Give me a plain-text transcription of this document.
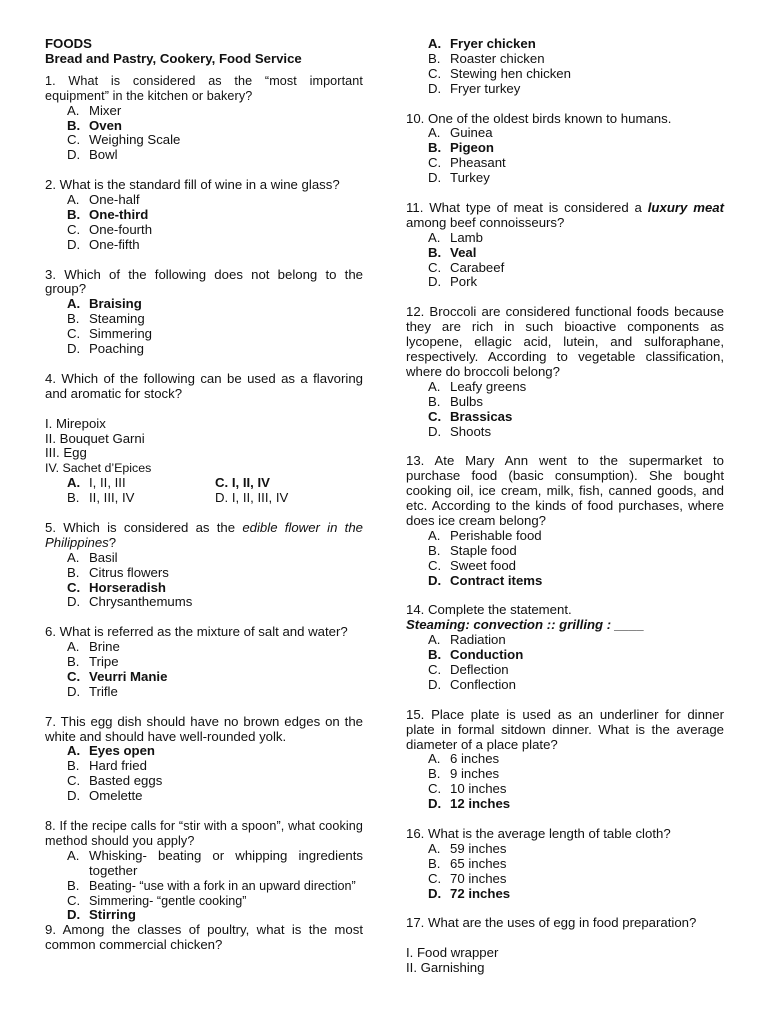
FOODS
Bread and Pastry, Cookery, Food Service

1. What is considered as the “most important equipment” in the kitchen or bakery?

A. Mixer
B. Oven
C. Weighing Scale
D. Bowl

2. What is the standard fill of wine in a wine glass?

A. One-half
B. One-third
C. One-fourth
D. One-fifth

3. Which of the following does not belong to the group?

A. Braising
B. Steaming
C. Simmering
D. Poaching

4. Which of the following can be used as a flavoring and aromatic for stock?

I. Mirepoix

II. Bouquet Garni

III. Egg

IV. Sachet d’Epices

A. I, II, III	C. I, II, IV
B. II, III, IV	D. I, II, III, IV

5. Which is considered as the edible flower in the Philippines?

A. Basil
B. Citrus flowers
C. Horseradish
D. Chrysanthemums

6. What is referred as the mixture of salt and water?

A. Brine
B. Tripe
C. Veurri Manie
D. Trifle

7. This egg dish should have no brown edges on the white and should have well-rounded yolk.

A. Eyes open
B. Hard fried
C. Basted eggs
D. Omelette

8. If the recipe calls for “stir with a spoon”, what cooking method should you apply?

A. Whisking- beating or whipping ingredients together
B. Beating- “use with a fork in an upward direction”
C. Simmering- “gentle cooking”
D. Stirring

9. Among the classes of poultry, what is the most common commercial chicken?

A. Fryer chicken
B. Roaster chicken
C. Stewing hen chicken
D. Fryer turkey

10. One of the oldest birds known to humans.

A. Guinea
B. Pigeon
C. Pheasant
D. Turkey

11. What type of meat is considered a luxury meat among beef connoisseurs?

A. Lamb
B. Veal
C. Carabeef
D. Pork

12. Broccoli are considered functional foods because they are rich in such bioactive components as lycopene, ellagic acid, lutein, and sulforaphane, respectively. According to vegetable classification, where do broccoli belong?

A. Leafy greens
B. Bulbs
C. Brassicas
D. Shoots

13. Ate Mary Ann went to the supermarket to purchase food (basic consumption). She bought cooking oil, ice cream, milk, fish, canned goods, and etc. According to the kinds of food purchases, where does ice cream belong?

A. Perishable food
B. Staple food
C. Sweet food
D. Contract items

14. Complete the statement.

Steaming: convection :: grilling : ____

A. Radiation
B. Conduction
C. Deflection
D. Conflection

15. Place plate is used as an underliner for dinner plate in formal sitdown dinner. What is the average diameter of a place plate?

A. 6 inches
B. 9 inches
C. 10 inches
D. 12 inches

16. What is the average length of table cloth?

A. 59 inches
B. 65 inches
C. 70 inches
D. 72 inches

17. What are the uses of egg in food preparation?

I. Food wrapper

II. Garnishing
